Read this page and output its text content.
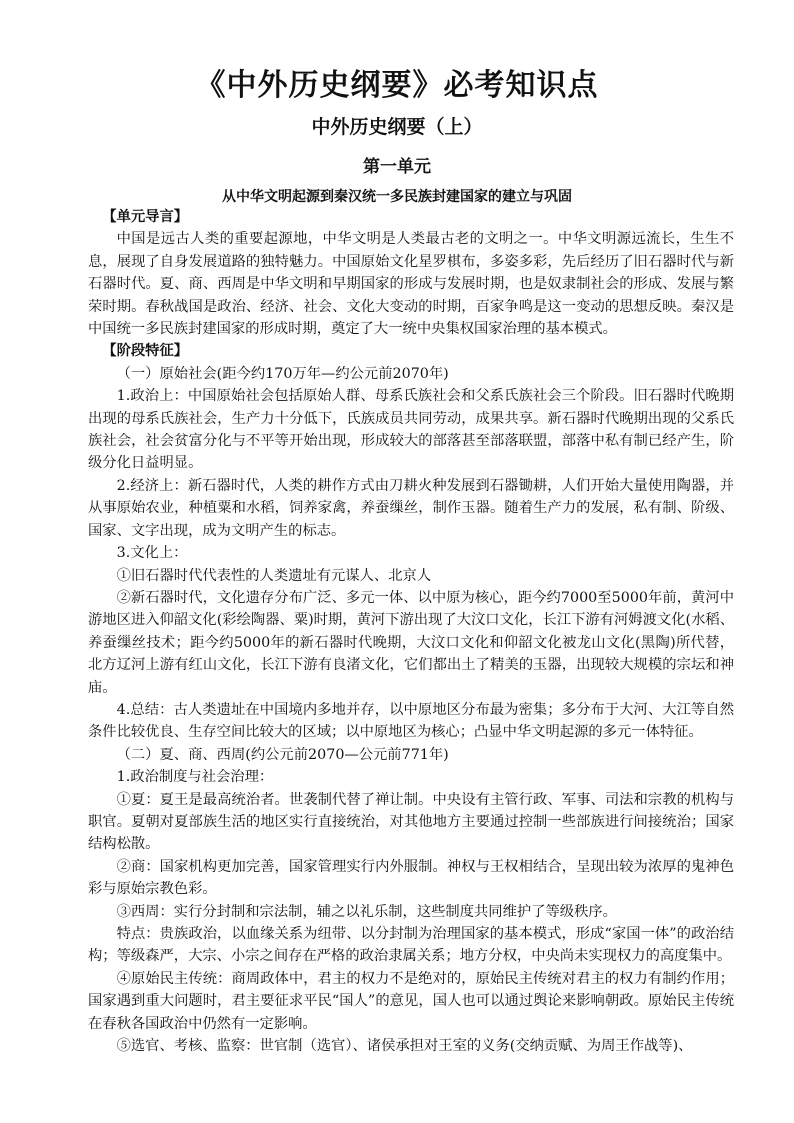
《中外历史纲要》必考知识点
中外历史纲要（上）
第一单元
从中华文明起源到秦汉统一多民族封建国家的建立与巩固

【单元导言】

中国是远古人类的重要起源地，中华文明是人类最古老的文明之一。中华文明源远流长，生生不息，展现了自身发展道路的独特魅力。中国原始文化星罗棋布，多姿多彩，先后经历了旧石器时代与新石器时代。夏、商、西周是中华文明和早期国家的形成与发展时期，也是奴隶制社会的形成、发展与繁荣时期。春秋战国是政治、经济、社会、文化大变动的时期，百家争鸣是这一变动的思想反映。秦汉是中国统一多民族封建国家的形成时期，奠定了大一统中央集权国家治理的基本模式。

【阶段特征】

（一）原始社会(距今约170万年—约公元前2070年)

1.政治上：中国原始社会包括原始人群、母系氏族社会和父系氏族社会三个阶段。旧石器时代晚期出现的母系氏族社会，生产力十分低下，氏族成员共同劳动，成果共享。新石器时代晚期出现的父系氏族社会，社会贫富分化与不平等开始出现，形成较大的部落甚至部落联盟，部落中私有制已经产生，阶级分化日益明显。

2.经济上：新石器时代，人类的耕作方式由刀耕火种发展到石器锄耕，人们开始大量使用陶器，并从事原始农业，种植粟和水稻，饲养家禽，养蚕缫丝，制作玉器。随着生产力的发展，私有制、阶级、国家、文字出现，成为文明产生的标志。

3.文化上：

①旧石器时代代表性的人类遗址有元谋人、北京人

②新石器时代，文化遗存分布广泛、多元一体、以中原为核心，距今约7000至5000年前，黄河中游地区进入仰韶文化(彩绘陶器、粟)时期，黄河下游出现了大汶口文化，长江下游有河姆渡文化(水稻、养蚕缫丝技术；距今约5000年的新石器时代晚期，大汶口文化和仰韶文化被龙山文化(黑陶)所代替，北方辽河上游有红山文化，长江下游有良渚文化，它们都出土了精美的玉器，出现较大规模的宗坛和神庙。

4.总结：古人类遗址在中国境内多地并存，以中原地区分布最为密集；多分布于大河、大江等自然条件比较优良、生存空间比较大的区域；以中原地区为核心；凸显中华文明起源的多元一体特征。

（二）夏、商、西周(约公元前2070—公元前771年)

1.政治制度与社会治理：

①夏：夏王是最高统治者。世袭制代替了禅让制。中央设有主管行政、军事、司法和宗教的机构与职官。夏朝对夏部族生活的地区实行直接统治，对其他地方主要通过控制一些部族进行间接统治；国家结构松散。

②商：国家机构更加完善，国家管理实行内外服制。神权与王权相结合，呈现出较为浓厚的鬼神色彩与原始宗教色彩。

③西周：实行分封制和宗法制，辅之以礼乐制，这些制度共同维护了等级秩序。

特点：贵族政治，以血缘关系为纽带、以分封制为治理国家的基本模式，形成“家国一体”的政治结构；等级森严，大宗、小宗之间存在严格的政治隶属关系；地方分权，中央尚未实现权力的高度集中。

④原始民主传统：商周政体中，君主的权力不是绝对的，原始民主传统对君主的权力有制约作用；国家遇到重大问题时，君主要征求平民“国人”的意见，国人也可以通过舆论来影响朝政。原始民主传统在春秋各国政治中仍然有一定影响。

⑤选官、考核、监察：世官制（选官）、诸侯承担对王室的义务(交纳贡赋、为周王作战等)、
